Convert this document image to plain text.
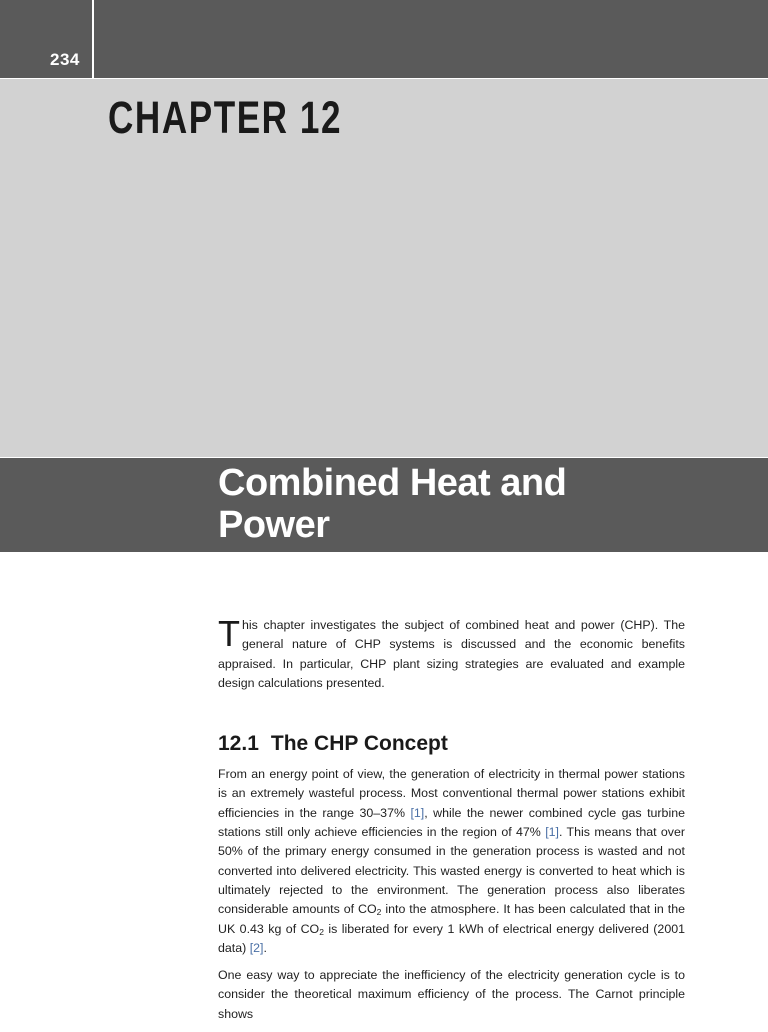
234
CHAPTER 12
Combined Heat and
Power

This chapter investigates the subject of combined heat and power (CHP). The general nature of CHP systems is discussed and the economic benefits appraised. In particular, CHP plant sizing strategies are evaluated and example design calculations presented.

12.1 The CHP Concept

From an energy point of view, the generation of electricity in thermal power stations is an extremely wasteful process. Most conventional thermal power stations exhibit efficiencies in the range 30–37% [1], while the newer combined cycle gas turbine stations still only achieve efficiencies in the region of 47% [1]. This means that over 50% of the primary energy consumed in the generation process is wasted and not converted into delivered electricity. This wasted energy is converted to heat which is ultimately rejected to the environment. The generation process also liberates considerable amounts of $CO_2$ into the atmosphere. It has been calculated that in the UK 0.43 kg of $CO_2$ is liberated for every 1 kWh of electrical energy delivered (2001 data) [2].

One easy way to appreciate the inefficiency of the electricity generation cycle is to consider the theoretical maximum efficiency of the process. The Carnot principle shows
